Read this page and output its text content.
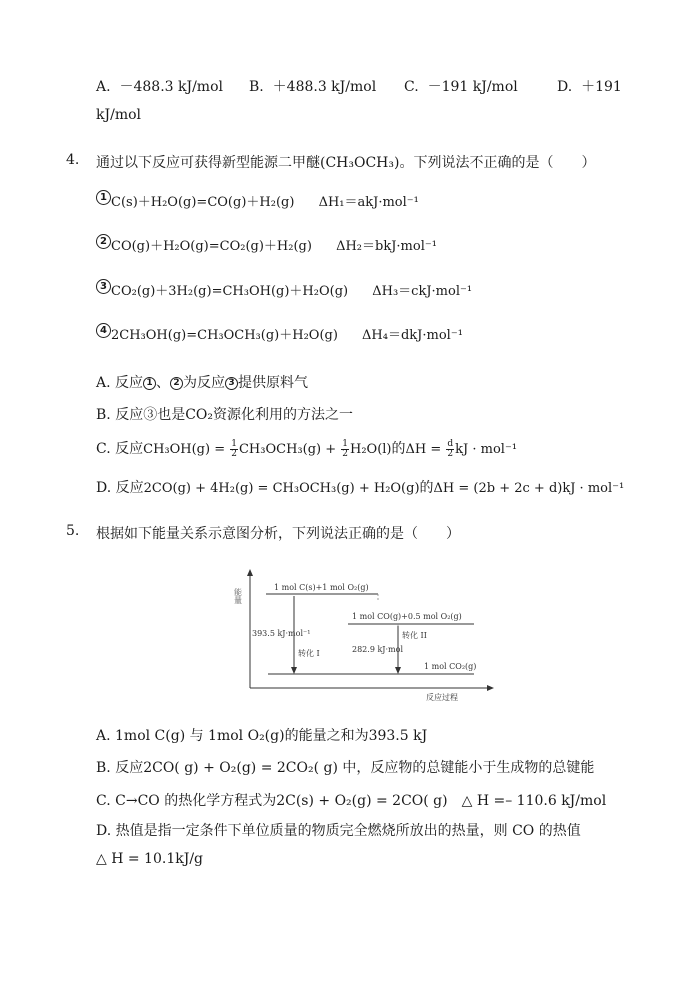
A. －488.3 kJ/mol B. ＋488.3 kJ/mol C. －191 kJ/mol	D. ＋191
kJ/mol
4. 通过以下反应可获得新型能源二甲醚(CH₃OCH₃)。下列说法不正确的是（　　）
1 C(s)＋H₂O(g)=CO(g)＋H₂(g) ΔH₁＝akJ·mol⁻¹
2 CO(g)＋H₂O(g)=CO₂(g)＋H₂(g) ΔH₂＝bkJ·mol⁻¹
3 CO₂(g)＋3H₂(g)=CH₃OH(g)＋H₂O(g) ΔH₃＝ckJ·mol⁻¹
4 2CH₃OH(g)=CH₃OCH₃(g)＋H₂O(g) ΔH₄＝dkJ·mol⁻¹
A. 反应 1 、 2 为反应 3 提供原料气
B. 反应③也是CO₂资源化利用的方法之一
C. 反应$CH_3OH(g) = \frac{1}{2} CH_3OCH_3(g) + \frac{1}{2} H_2O(l)$的$\Delta H = \frac{d}{2}$ kJ · mol⁻¹
D. 反应2CO(g) + 4H₂(g) = CH₃OCH₃(g) + H₂O(g)的ΔH = (2b + 2c + d)kJ · mol⁻¹
5. 根据如下能量关系示意图分析，下列说法正确的是（　　）
能量
反应过程
1 mol C(s)+1 mol O₂(g)
1 mol CO(g)+0.5 mol O₂(g)
1 mol CO₂(g)
393.5 kJ·mol⁻¹
转化 I
转化 II
282.9 kJ·mol
A. 1mol C(g) 与 1mol O₂(g)的能量之和为393.5 kJ
B. 反应2CO( g) + O₂(g) = 2CO₂( g) 中，反应物的总键能小于生成物的总键能
C. C→CO 的热化学方程式为2C(s) + O₂(g) = 2CO( g)　△ H =– 110.6 kJ/mol
D. 热值是指一定条件下单位质量的物质完全燃烧所放出的热量，则 CO 的热值
△ H = 10.1kJ/g
